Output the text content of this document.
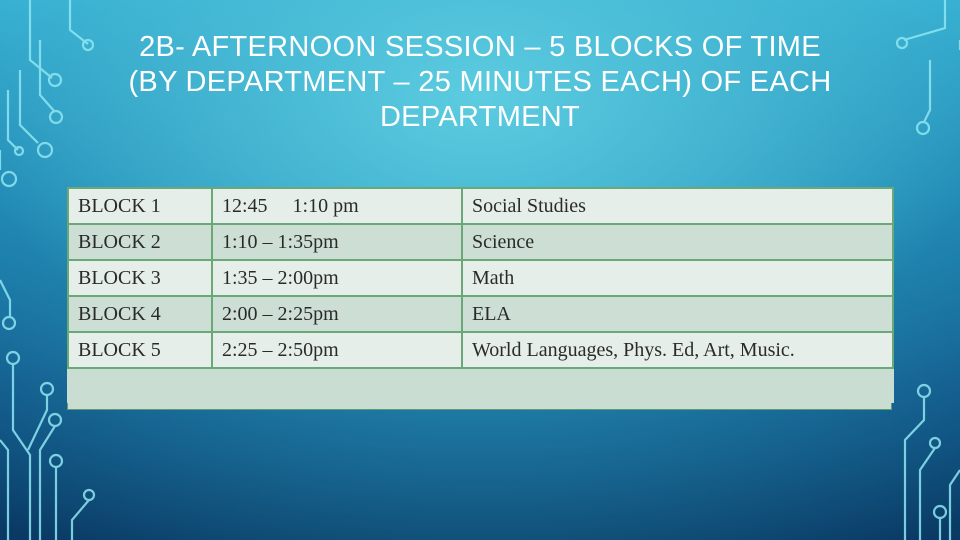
2B- AFTERNOON SESSION – 5 BLOCKS OF TIME
(BY DEPARTMENT – 25 MINUTES EACH) OF EACH
DEPARTMENT
BLOCK 1	12:45  1:10 pm	Social Studies
BLOCK 2	1:10 – 1:35pm	Science
BLOCK 3	1:35 – 2:00pm	Math
BLOCK 4	2:00 – 2:25pm	ELA
BLOCK 5	2:25 – 2:50pm	World Languages, Phys. Ed, Art, Music.
